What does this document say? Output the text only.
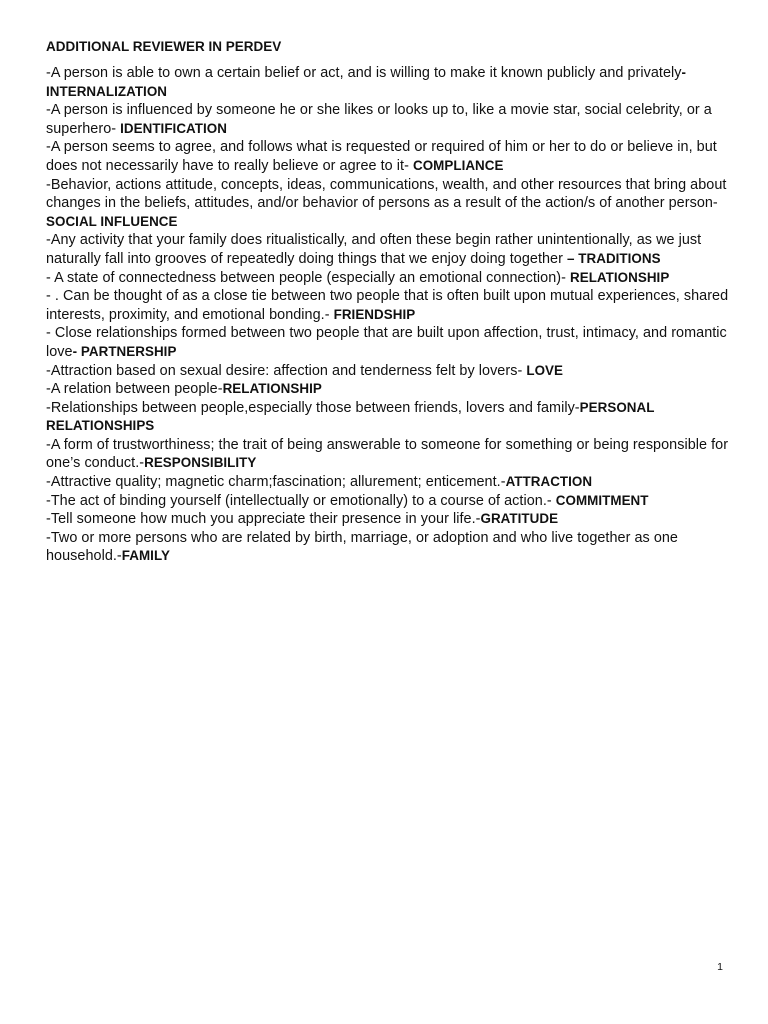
ADDITIONAL REVIEWER IN PERDEV

-A person is able to own a certain belief or act, and is willing to make it known publicly and privately- INTERNALIZATION

-A person is influenced by someone he or she likes or looks up to, like a movie star, social celebrity, or a superhero- IDENTIFICATION

-A person seems to agree, and follows what is requested or required of him or her to do or believe in, but does not necessarily have to really believe or agree to it- COMPLIANCE

-Behavior, actions attitude, concepts, ideas, communications, wealth, and other resources that bring about changes in the beliefs, attitudes, and/or behavior of persons as a result of the action/s of another person- SOCIAL INFLUENCE

-Any activity that your family does ritualistically, and often these begin rather unintentionally, as we just naturally fall into grooves of repeatedly doing things that we enjoy doing together – TRADITIONS

- A state of connectedness between people (especially an emotional connection)- RELATIONSHIP

- . Can be thought of as a close tie between two people that is often built upon mutual experiences, shared interests, proximity, and emotional bonding.- FRIENDSHIP

- Close relationships formed between two people that are built upon affection, trust, intimacy, and romantic love- PARTNERSHIP

-Attraction based on sexual desire: affection and tenderness felt by lovers- LOVE

-A relation between people-RELATIONSHIP

-Relationships between people,especially those between friends, lovers and family-PERSONAL RELATIONSHIPS

-A form of trustworthiness; the trait of being answerable to someone for something or being responsible for one’s conduct.-RESPONSIBILITY

-Attractive quality; magnetic charm;fascination; allurement; enticement.-ATTRACTION

-The act of binding yourself (intellectually or emotionally) to a course of action.- COMMITMENT

-Tell someone how much you appreciate their presence in your life.-GRATITUDE

-Two or more persons who are related by birth, marriage, or adoption and who live together as one household.-FAMILY

1
